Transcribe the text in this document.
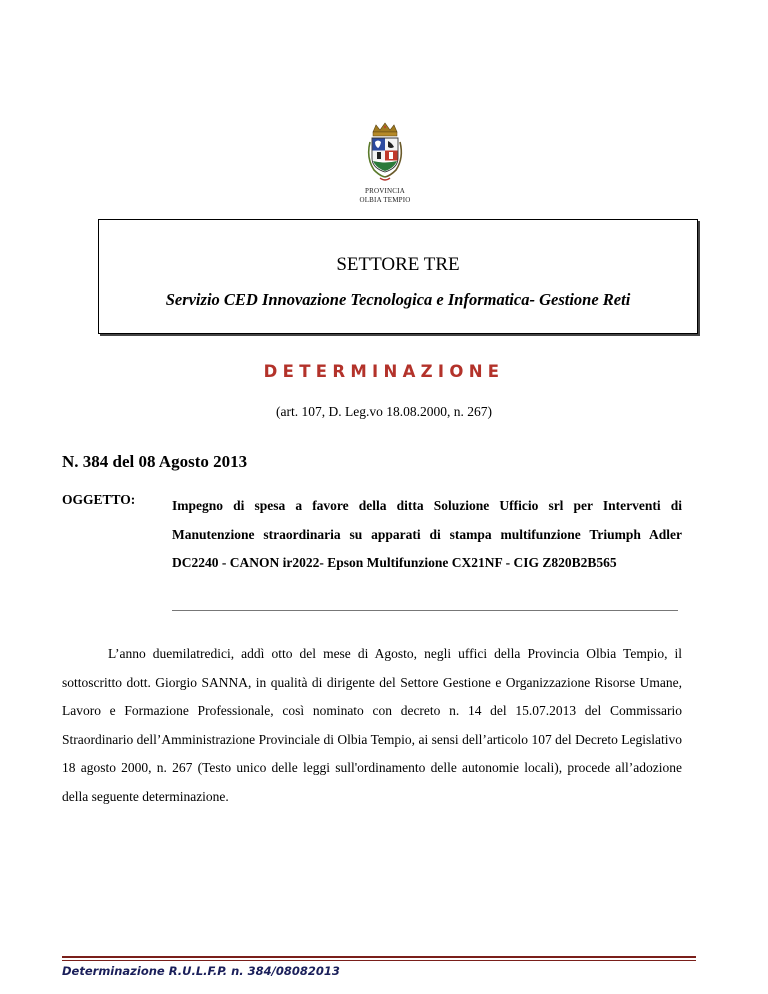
PROVINCIA
OLBIA TEMPIO
SETTORE TRE
Servizio CED Innovazione Tecnologica e Informatica- Gestione Reti
DETERMINAZIONE
(art. 107, D. Leg.vo 18.08.2000, n. 267)
N. 384 del 08 Agosto 2013
OGGETTO:	Impegno di spesa a favore della ditta Soluzione Ufficio srl per Interventi di Manutenzione straordinaria su apparati di stampa multifunzione Triumph Adler DC2240 - CANON ir2022- Epson Multifunzione CX21NF - CIG Z820B2B565
L’anno duemilatredici, addì otto del mese di Agosto, negli uffici della Provincia Olbia Tempio, il sottoscritto dott. Giorgio SANNA, in qualità di dirigente del Settore Gestione e Organizzazione Risorse Umane, Lavoro e Formazione Professionale, così nominato con decreto n. 14 del 15.07.2013 del Commissario Straordinario dell’Amministrazione Provinciale di Olbia Tempio, ai sensi dell’articolo 107 del Decreto Legislativo 18 agosto 2000, n. 267 (Testo unico delle leggi sull'ordinamento delle autonomie locali), procede all’adozione della seguente determinazione.
Determinazione R.U.L.F.P. n. 384/08082013
